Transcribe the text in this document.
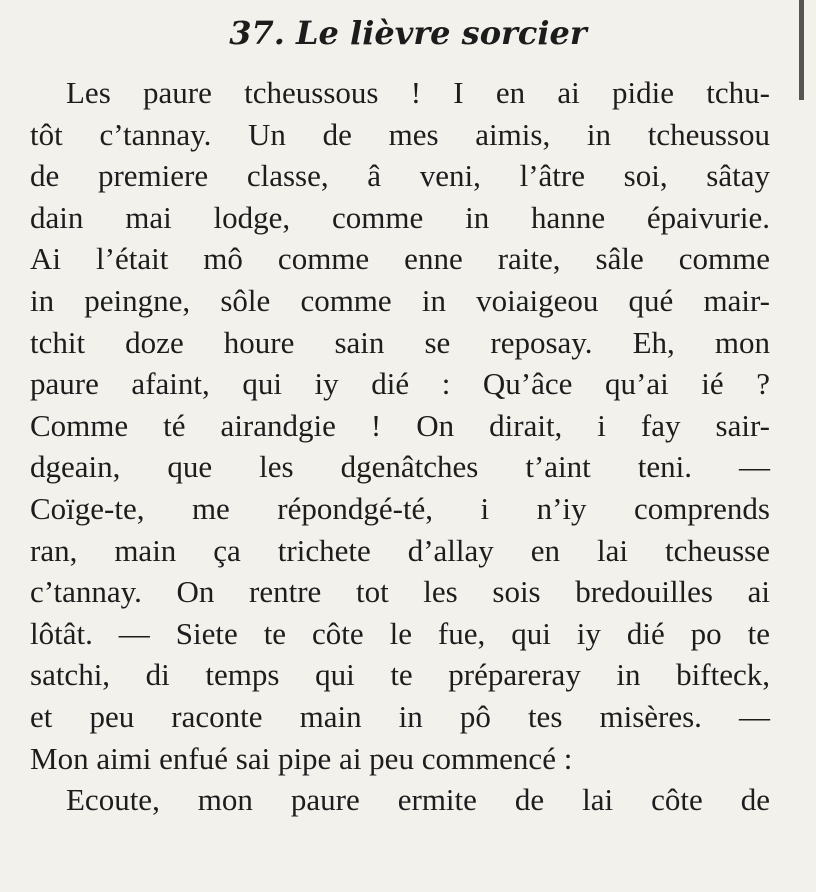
37. Le lièvre sorcier
Les paure tcheussous ! I en ai pidie tchu-
tôt c’tannay. Un de mes aimis, in tcheussou
de premiere classe, â veni, l’âtre soi, sâtay
dain mai lodge, comme in hanne épaivurie.
Ai l’était mô comme enne raite, sâle comme
in peingne, sôle comme in voiaigeou qué mair-
tchit doze houre sain se reposay. Eh, mon
paure afaint, qui iy dié : Qu’âce qu’ai ié ?
Comme té airandgie ! On dirait, i fay sair-
dgeain, que les dgenâtches t’aint teni. —
Coïge-te, me répondgé-té, i n’iy comprends
ran, main ça trichete d’allay en lai tcheusse
c’tannay. On rentre tot les sois bredouilles ai
lôtât. — Siete te côte le fue, qui iy dié po te
satchi, di temps qui te prépareray in bifteck,
et peu raconte main in pô tes misères. —
Mon aimi enfué sai pipe ai peu commencé :
Ecoute, mon paure ermite de lai côte de
